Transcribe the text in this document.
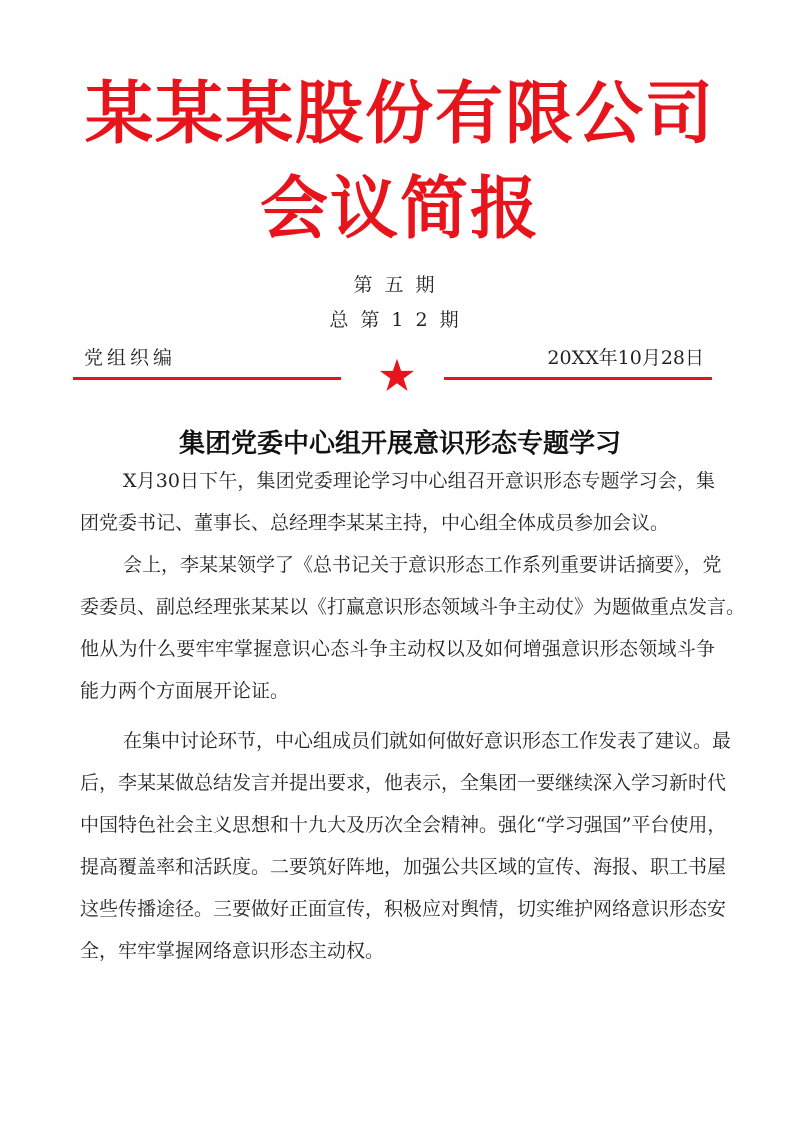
某某某股份有限公司
会议简报
第五期
总第12期
党组织编	20XX年10月28日
集团党委中心组开展意识形态专题学习
X月30日下午，集团党委理论学习中心组召开意识形态专题学习会，集
团党委书记、董事长、总经理李某某主持，中心组全体成员参加会议。
会上，李某某领学了《总书记关于意识形态工作系列重要讲话摘要》，党
委委员、副总经理张某某以《打赢意识形态领域斗争主动仗》为题做重点发言。
他从为什么要牢牢掌握意识心态斗争主动权以及如何增强意识形态领域斗争
能力两个方面展开论证。
在集中讨论环节，中心组成员们就如何做好意识形态工作发表了建议。最
后，李某某做总结发言并提出要求，他表示，全集团一要继续深入学习新时代
中国特色社会主义思想和十九大及历次全会精神。强化“学习强国”平台使用，
提高覆盖率和活跃度。二要筑好阵地，加强公共区域的宣传、海报、职工书屋
这些传播途径。三要做好正面宣传，积极应对舆情，切实维护网络意识形态安
全，牢牢掌握网络意识形态主动权。
